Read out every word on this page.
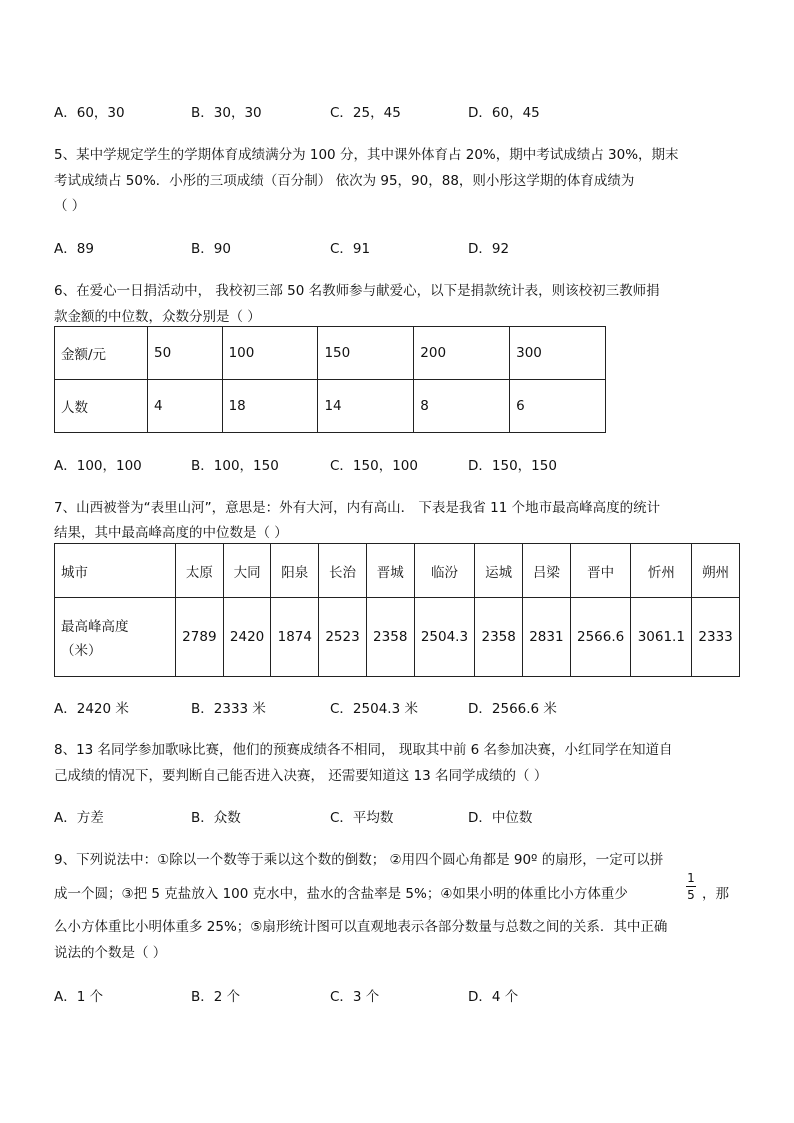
A．60，30	B．30，30	C．25，45	D．60，45
5、某中学规定学生的学期体育成绩满分为 100 分，其中课外体育占 20%，期中考试成绩占 30%，期末
考试成绩占 50%．小彤的三项成绩（百分制） 依次为 95，90，88，则小彤这学期的体育成绩为
（ ）
A．89	B．90	C．91	D．92
6、在爱心一日捐活动中， 我校初三部 50 名教师参与献爱心，以下是捐款统计表，则该校初三教师捐
款金额的中位数，众数分别是（ ）
金额/元	50	100	150	200	300
人数	4	18	14	8	6
A．100，100	B．100，150	C．150，100	D．150，150
7、山西被誉为“表里山河”，意思是：外有大河，内有高山． 下表是我省 11 个地市最高峰高度的统计
结果，其中最高峰高度的中位数是（ ）
城市	太原	大同	阳泉	长治	晋城	临汾	运城	吕梁	晋中	忻州	朔州

最高峰高度
（米）	2789	2420	1874	2523	2358	2504.3	2358	2831	2566.6	3061.1	2333
A．2420 米	B．2333 米	C．2504.3 米	D．2566.6 米
8、13 名同学参加歌咏比赛，他们的预赛成绩各不相同， 现取其中前 6 名参加决赛，小红同学在知道自
己成绩的情况下，要判断自己能否进入决赛， 还需要知道这 13 名同学成绩的（ ）
A．方差	B．众数	C．平均数	D．中位数
9、下列说法中：①除以一个数等于乘以这个数的倒数； ②用四个圆心角都是 90º 的扇形，一定可以拼
成一个圆；③把 5 克盐放入 100 克水中，盐水的含盐率是 5%；④如果小明的体重比小方体重少
1
5 ，那
么小方体重比小明体重多 25%；⑤扇形统计图可以直观地表示各部分数量与总数之间的关系．其中正确
说法的个数是（ ）
A．1 个	B．2 个	C．3 个	D．4 个
